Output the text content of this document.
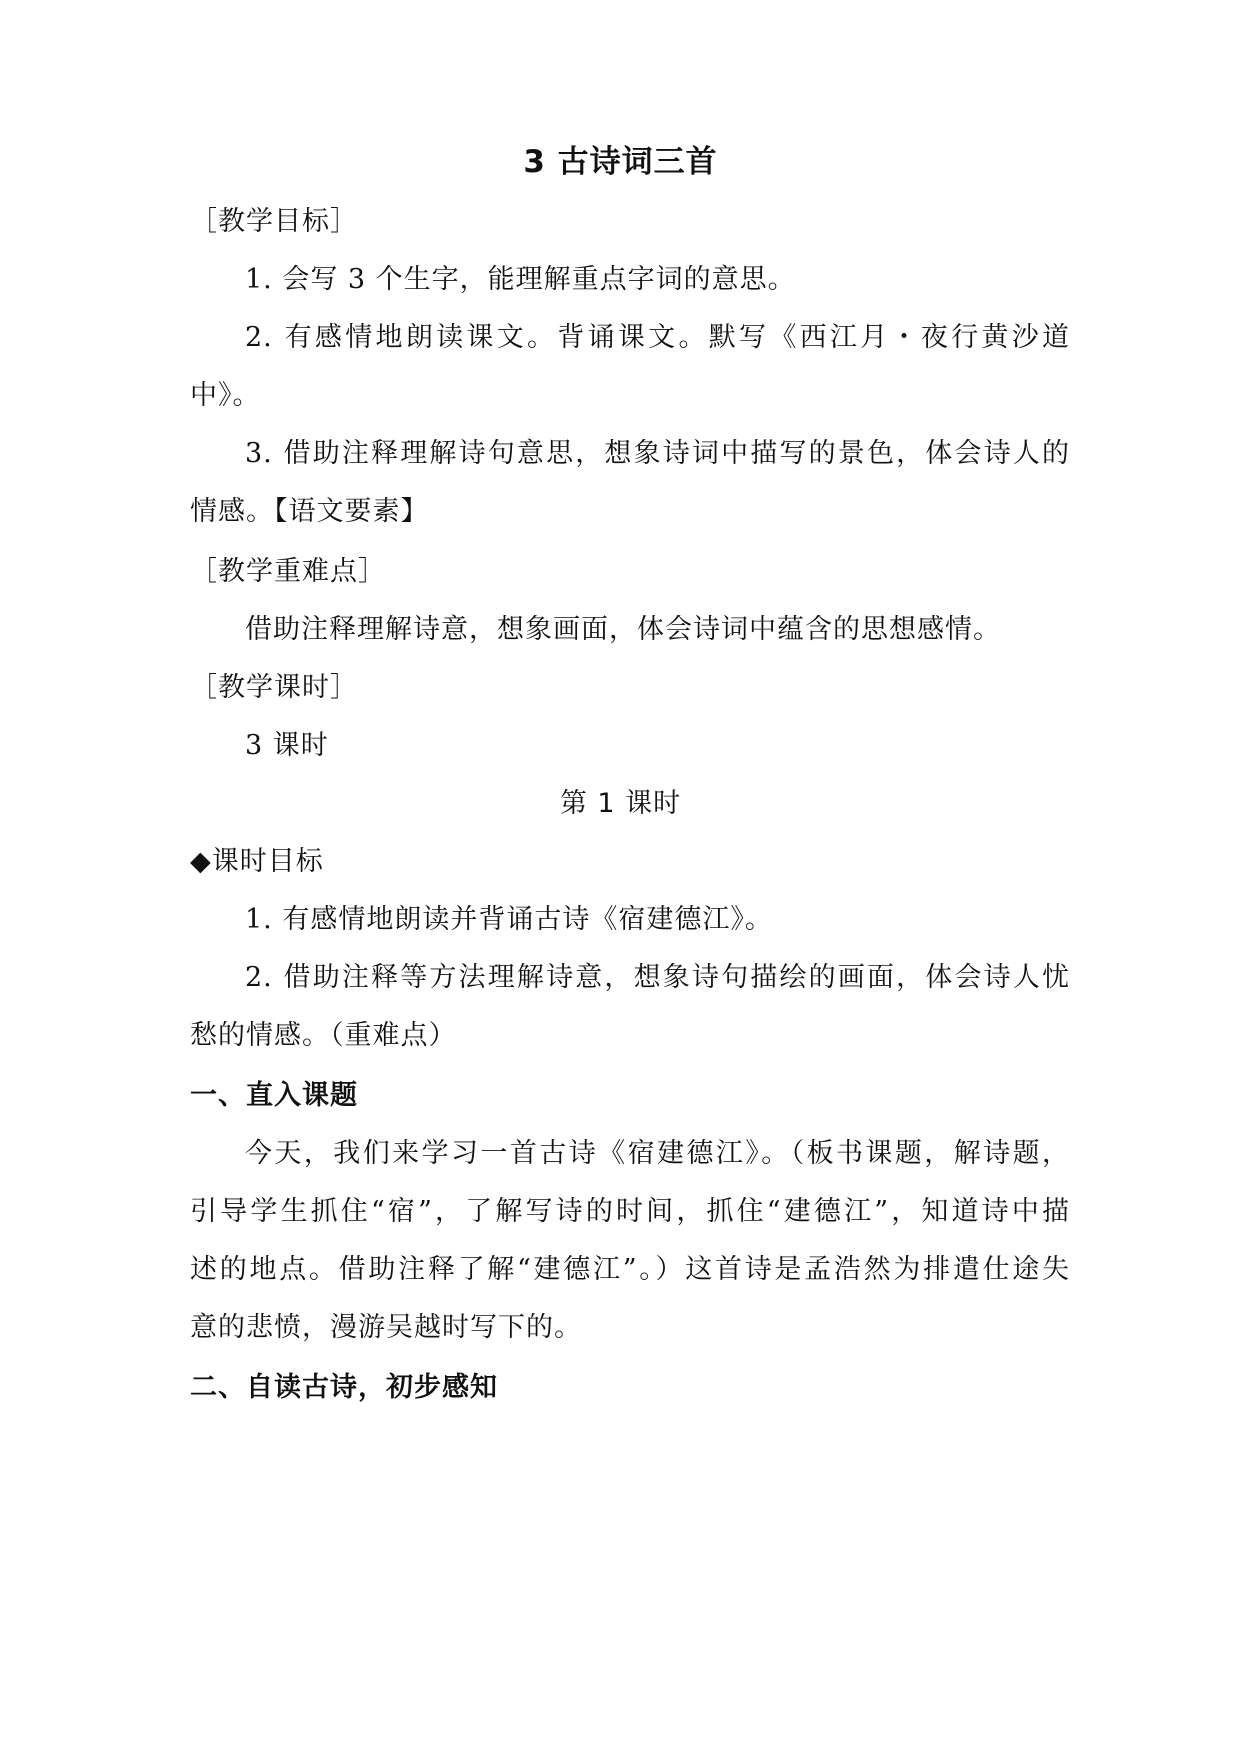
3 古诗词三首
［教学目标］
1. 会写 3 个生字，能理解重点字词的意思。
2. 有感情地朗读课文。背诵课文。默写《西江月・夜行黄沙道
中》。
3. 借助注释理解诗句意思，想象诗词中描写的景色，体会诗人的
情感。【语文要素】
［教学重难点］
借助注释理解诗意，想象画面，体会诗词中蕴含的思想感情。
［教学课时］
3 课时
第 1 课时
◆课时目标
1. 有感情地朗读并背诵古诗《宿建德江》。
2. 借助注释等方法理解诗意，想象诗句描绘的画面，体会诗人忧
愁的情感。（重难点）
一、直入课题
今天，我们来学习一首古诗《宿建德江》。（板书课题，解诗题，
引导学生抓住“宿”，了解写诗的时间，抓住“建德江”，知道诗中描
述的地点。借助注释了解“建德江”。）这首诗是孟浩然为排遣仕途失
意的悲愤，漫游吴越时写下的。
二、自读古诗，初步感知
